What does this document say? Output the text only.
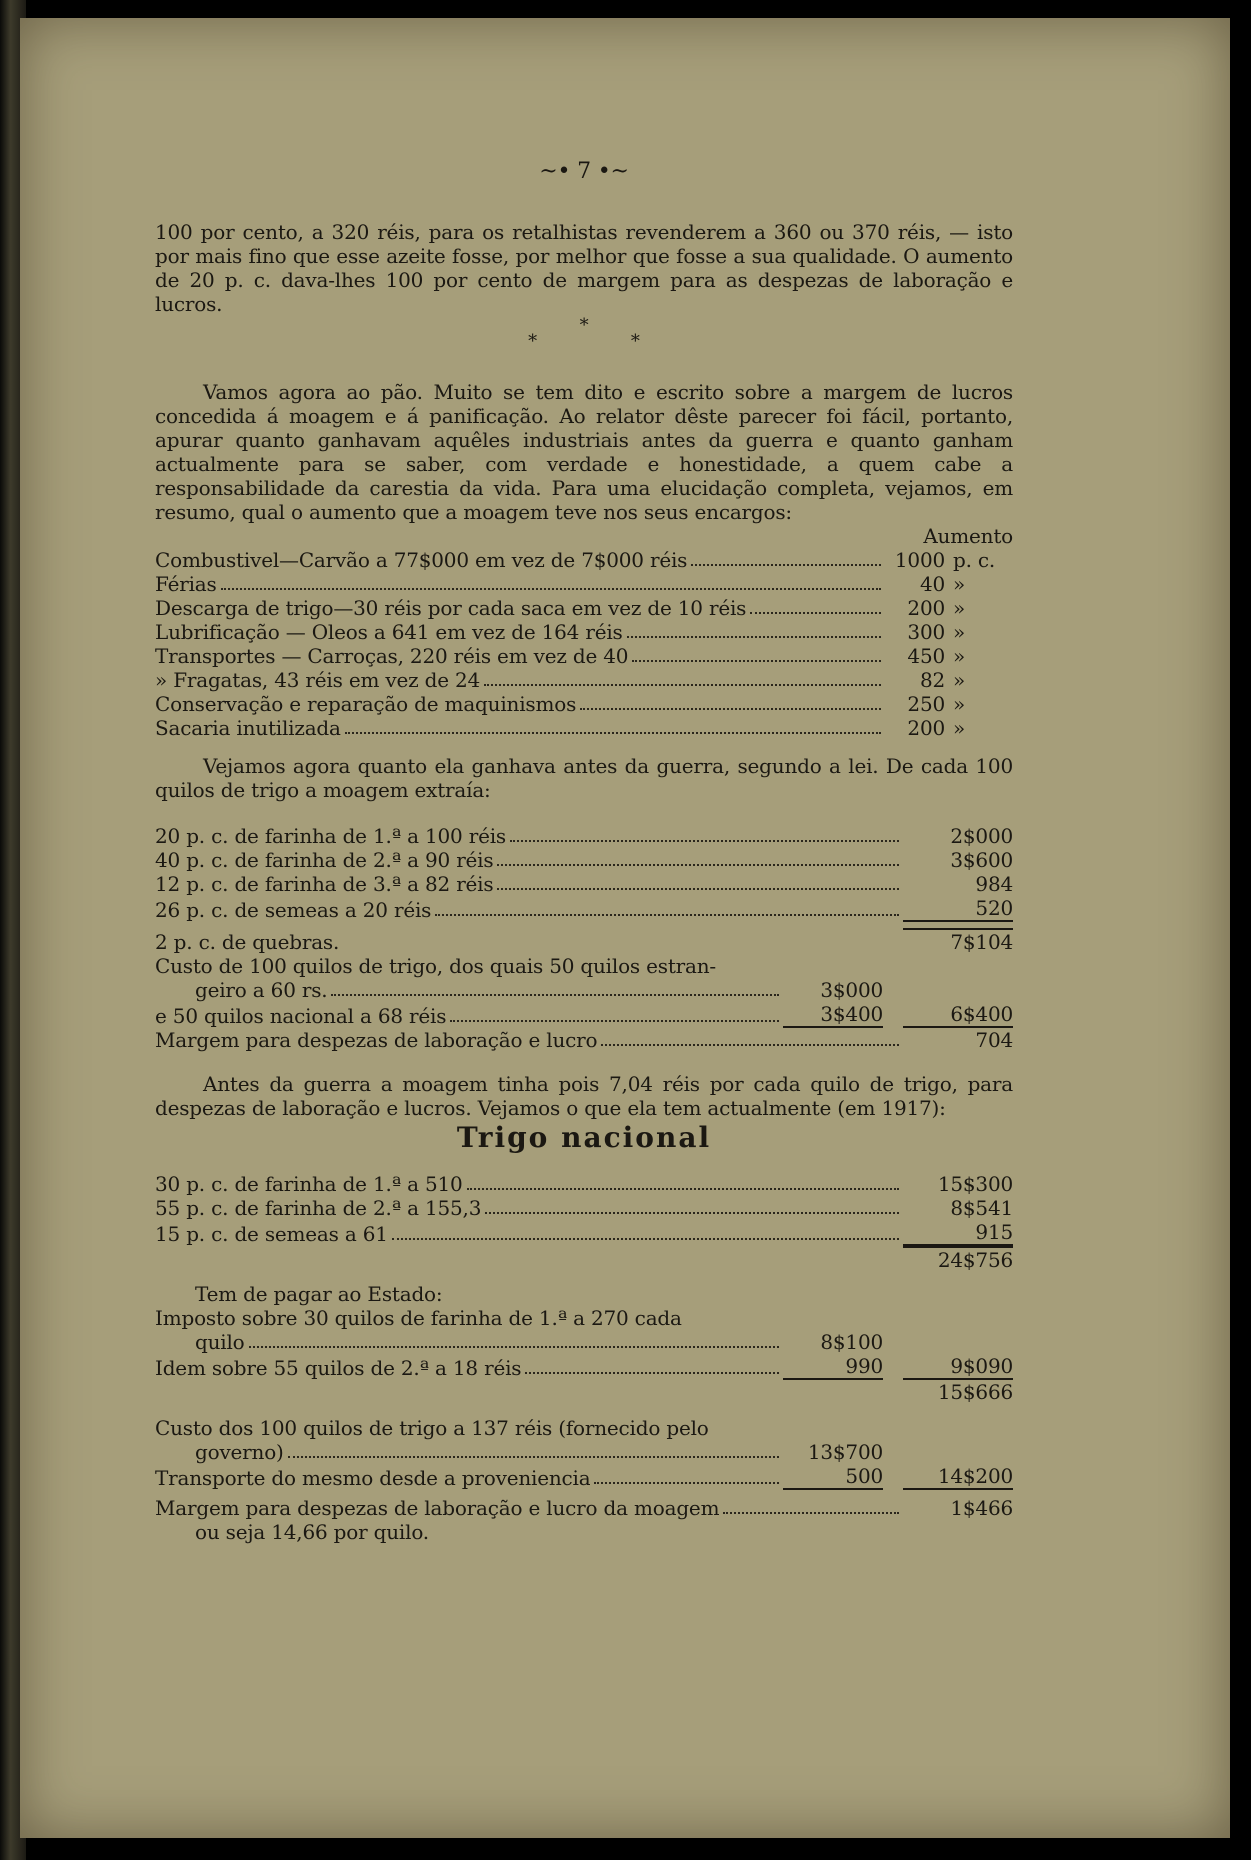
~• 7 •~

100 por cento, a 320 réis, para os retalhistas revenderem a 360 ou 370 réis, — isto por mais fino que esse azeite fosse, por melhor que fosse a sua qualidade. O aumento de 20 p. c. dava-lhes 100 por cento de margem para as despezas de laboração e lucros.

*
* *

Vamos agora ao pão. Muito se tem dito e escrito sobre a margem de lucros concedida á moagem e á panificação. Ao relator dêste parecer foi fácil, portanto, apurar quanto ganhavam aquêles industriais antes da guerra e quanto ganham actualmente para se saber, com verdade e honestidade, a quem cabe a responsabilidade da carestia da vida. Para uma elucidação completa, vejamos, em resumo, qual o aumento que a moagem teve nos seus encargos:

Aumento
Combustivel—Carvão a 77$000 em vez de 7$000 réis	1000 p. c.
Férias	40 »
Descarga de trigo—30 réis por cada saca em vez de 10 réis	200 »
Lubrificação — Oleos a 641 em vez de 164 réis	300 »
Transportes — Carroças, 220 réis em vez de 40	450 »
» Fragatas, 43 réis em vez de 24	82 »
Conservação e reparação de maquinismos	250 »
Sacaria inutilizada	200 »

Vejamos agora quanto ela ganhava antes da guerra, segundo a lei. De cada 100 quilos de trigo a moagem extraía:

20 p. c. de farinha de 1.ª a 100 réis	2$000
40 p. c. de farinha de 2.ª a 90 réis	3$600
12 p. c. de farinha de 3.ª a 82 réis	984
26 p. c. de semeas a 20 réis	520
2 p. c. de quebras.	7$104
Custo de 100 quilos de trigo, dos quais 50 quilos estran-
geiro a 60 rs.	3$000
e 50 quilos nacional a 68 réis	3$400	6$400
Margem para despezas de laboração e lucro	704

Antes da guerra a moagem tinha pois 7,04 réis por cada quilo de trigo, para despezas de laboração e lucros. Vejamos o que ela tem actualmente (em 1917):

Trigo nacional
30 p. c. de farinha de 1.ª a 510	15$300
55 p. c. de farinha de 2.ª a 155,3	8$541
15 p. c. de semeas a 61	915
24$756
Tem de pagar ao Estado:
Imposto sobre 30 quilos de farinha de 1.ª a 270 cada
quilo	8$100
Idem sobre 55 quilos de 2.ª a 18 réis	990	9$090
15$666
Custo dos 100 quilos de trigo a 137 réis (fornecido pelo
governo)	13$700
Transporte do mesmo desde a proveniencia	500	14$200
Margem para despezas de laboração e lucro da moagem	1$466
ou seja 14,66 por quilo.
